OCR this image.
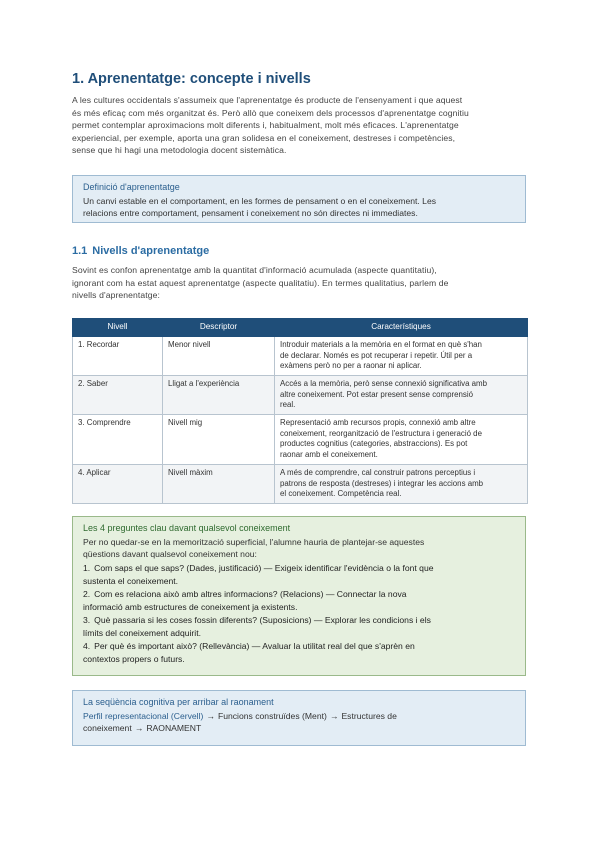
1. Aprenentatge: concepte i nivells
A les cultures occidentals s'assumeix que l'aprenentatge és producte de l'ensenyament i que aquest
és més eficaç com més organitzat és. Però allò que coneixem dels processos d'aprenentatge cognitiu
permet contemplar aproximacions molt diferents i, habitualment, molt més eficaces. L'aprenentatge
experiencial, per exemple, aporta una gran solidesa en el coneixement, destreses i competències,
sense que hi hagi una metodologia docent sistemàtica.
Definició d'aprenentatge
Un canvi estable en el comportament, en les formes de pensament o en el coneixement. Les
relacions entre comportament, pensament i coneixement no són directes ni immediates.
1.1 Nivells d'aprenentatge
Sovint es confon aprenentatge amb la quantitat d'informació acumulada (aspecte quantitatiu),
ignorant com ha estat aquest aprenentatge (aspecte qualitatiu). En termes qualitatius, parlem de
nivells d'aprenentatge:
Nivell	Descriptor	Característiques
1. Recordar	Menor nivell	Introduir materials a la memòria en el format en què s'han
de declarar. Només es pot recuperar i repetir. Útil per a
exàmens però no per a raonar ni aplicar.

2. Saber	Lligat a l'experiència	Accés a la memòria, però sense connexió significativa amb
altre coneixement. Pot estar present sense comprensió
real.

3. Comprendre	Nivell mig	Representació amb recursos propis, connexió amb altre
coneixement, reorganització de l'estructura i generació de
productes cognitius (categories, abstraccions). Es pot
raonar amb el coneixement.

4. Aplicar	Nivell màxim	A més de comprendre, cal construir patrons perceptius i
patrons de resposta (destreses) i integrar les accions amb
el coneixement. Competència real.
Les 4 preguntes clau davant qualsevol coneixement
Per no quedar-se en la memorització superficial, l'alumne hauria de plantejar-se aquestes
qüestions davant qualsevol coneixement nou:
1. Com saps el que saps? (Dades, justificació) — Exigeix identificar l'evidència o la font que
sustenta el coneixement.
2. Com es relaciona això amb altres informacions? (Relacions) — Connectar la nova
informació amb estructures de coneixement ja existents.
3. Què passaria si les coses fossin diferents? (Suposicions) — Explorar les condicions i els
límits del coneixement adquirit.
4. Per què és important això? (Rellevància) — Avaluar la utilitat real del que s'aprèn en
contextos propers o futurs.
La seqüència cognitiva per arribar al raonament
Perfil representacional (Cervell) → Funcions construïdes (Ment) → Estructures de
coneixement → RAONAMENT
